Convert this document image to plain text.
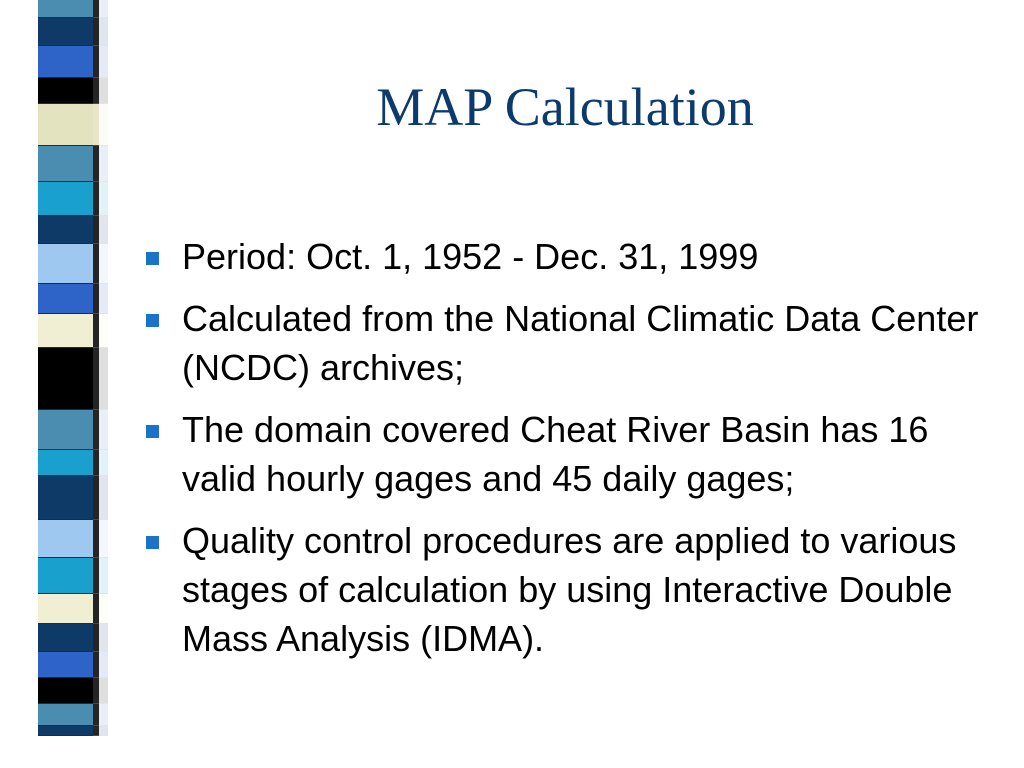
MAP Calculation
Period: Oct. 1, 1952 - Dec. 31, 1999
Calculated from the National Climatic Data Center (NCDC) archives;
The domain covered Cheat River Basin has 16 valid hourly gages and 45 daily gages;
Quality control procedures are applied to various stages of calculation by using Interactive Double Mass Analysis (IDMA).
